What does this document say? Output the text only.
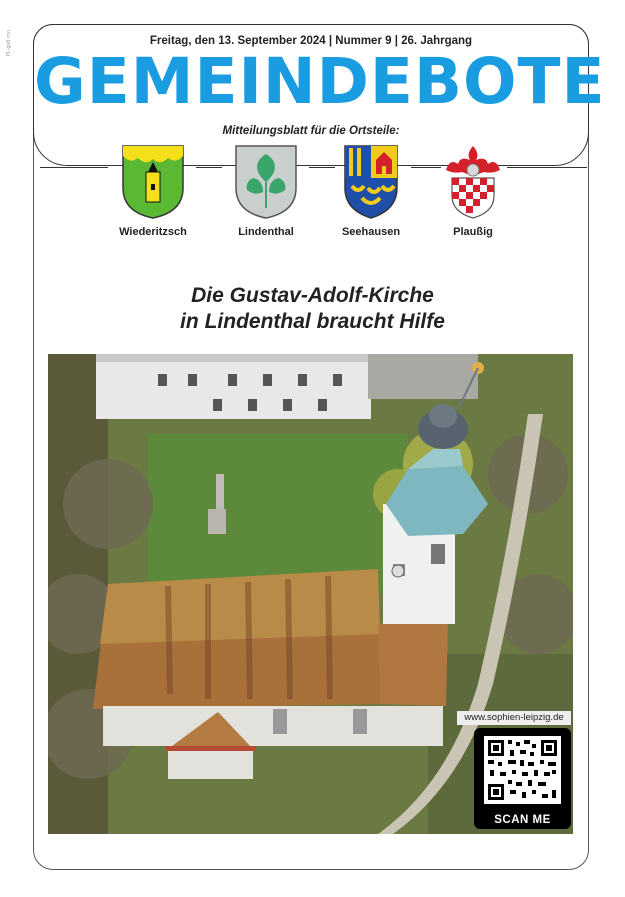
PL-gs8.mn	Freitag, den 13. September 2024 | Nummer 9 | 26. Jahrgang
GEMEINDEBOTE
Mitteilungsblatt für die Ortsteile:
Wiederitzsch	Lindenthal	Seehausen	Plaußig
Die Gustav-Adolf-Kirche
in Lindenthal braucht Hilfe
www.sophien-leipzig.de
SCAN ME
